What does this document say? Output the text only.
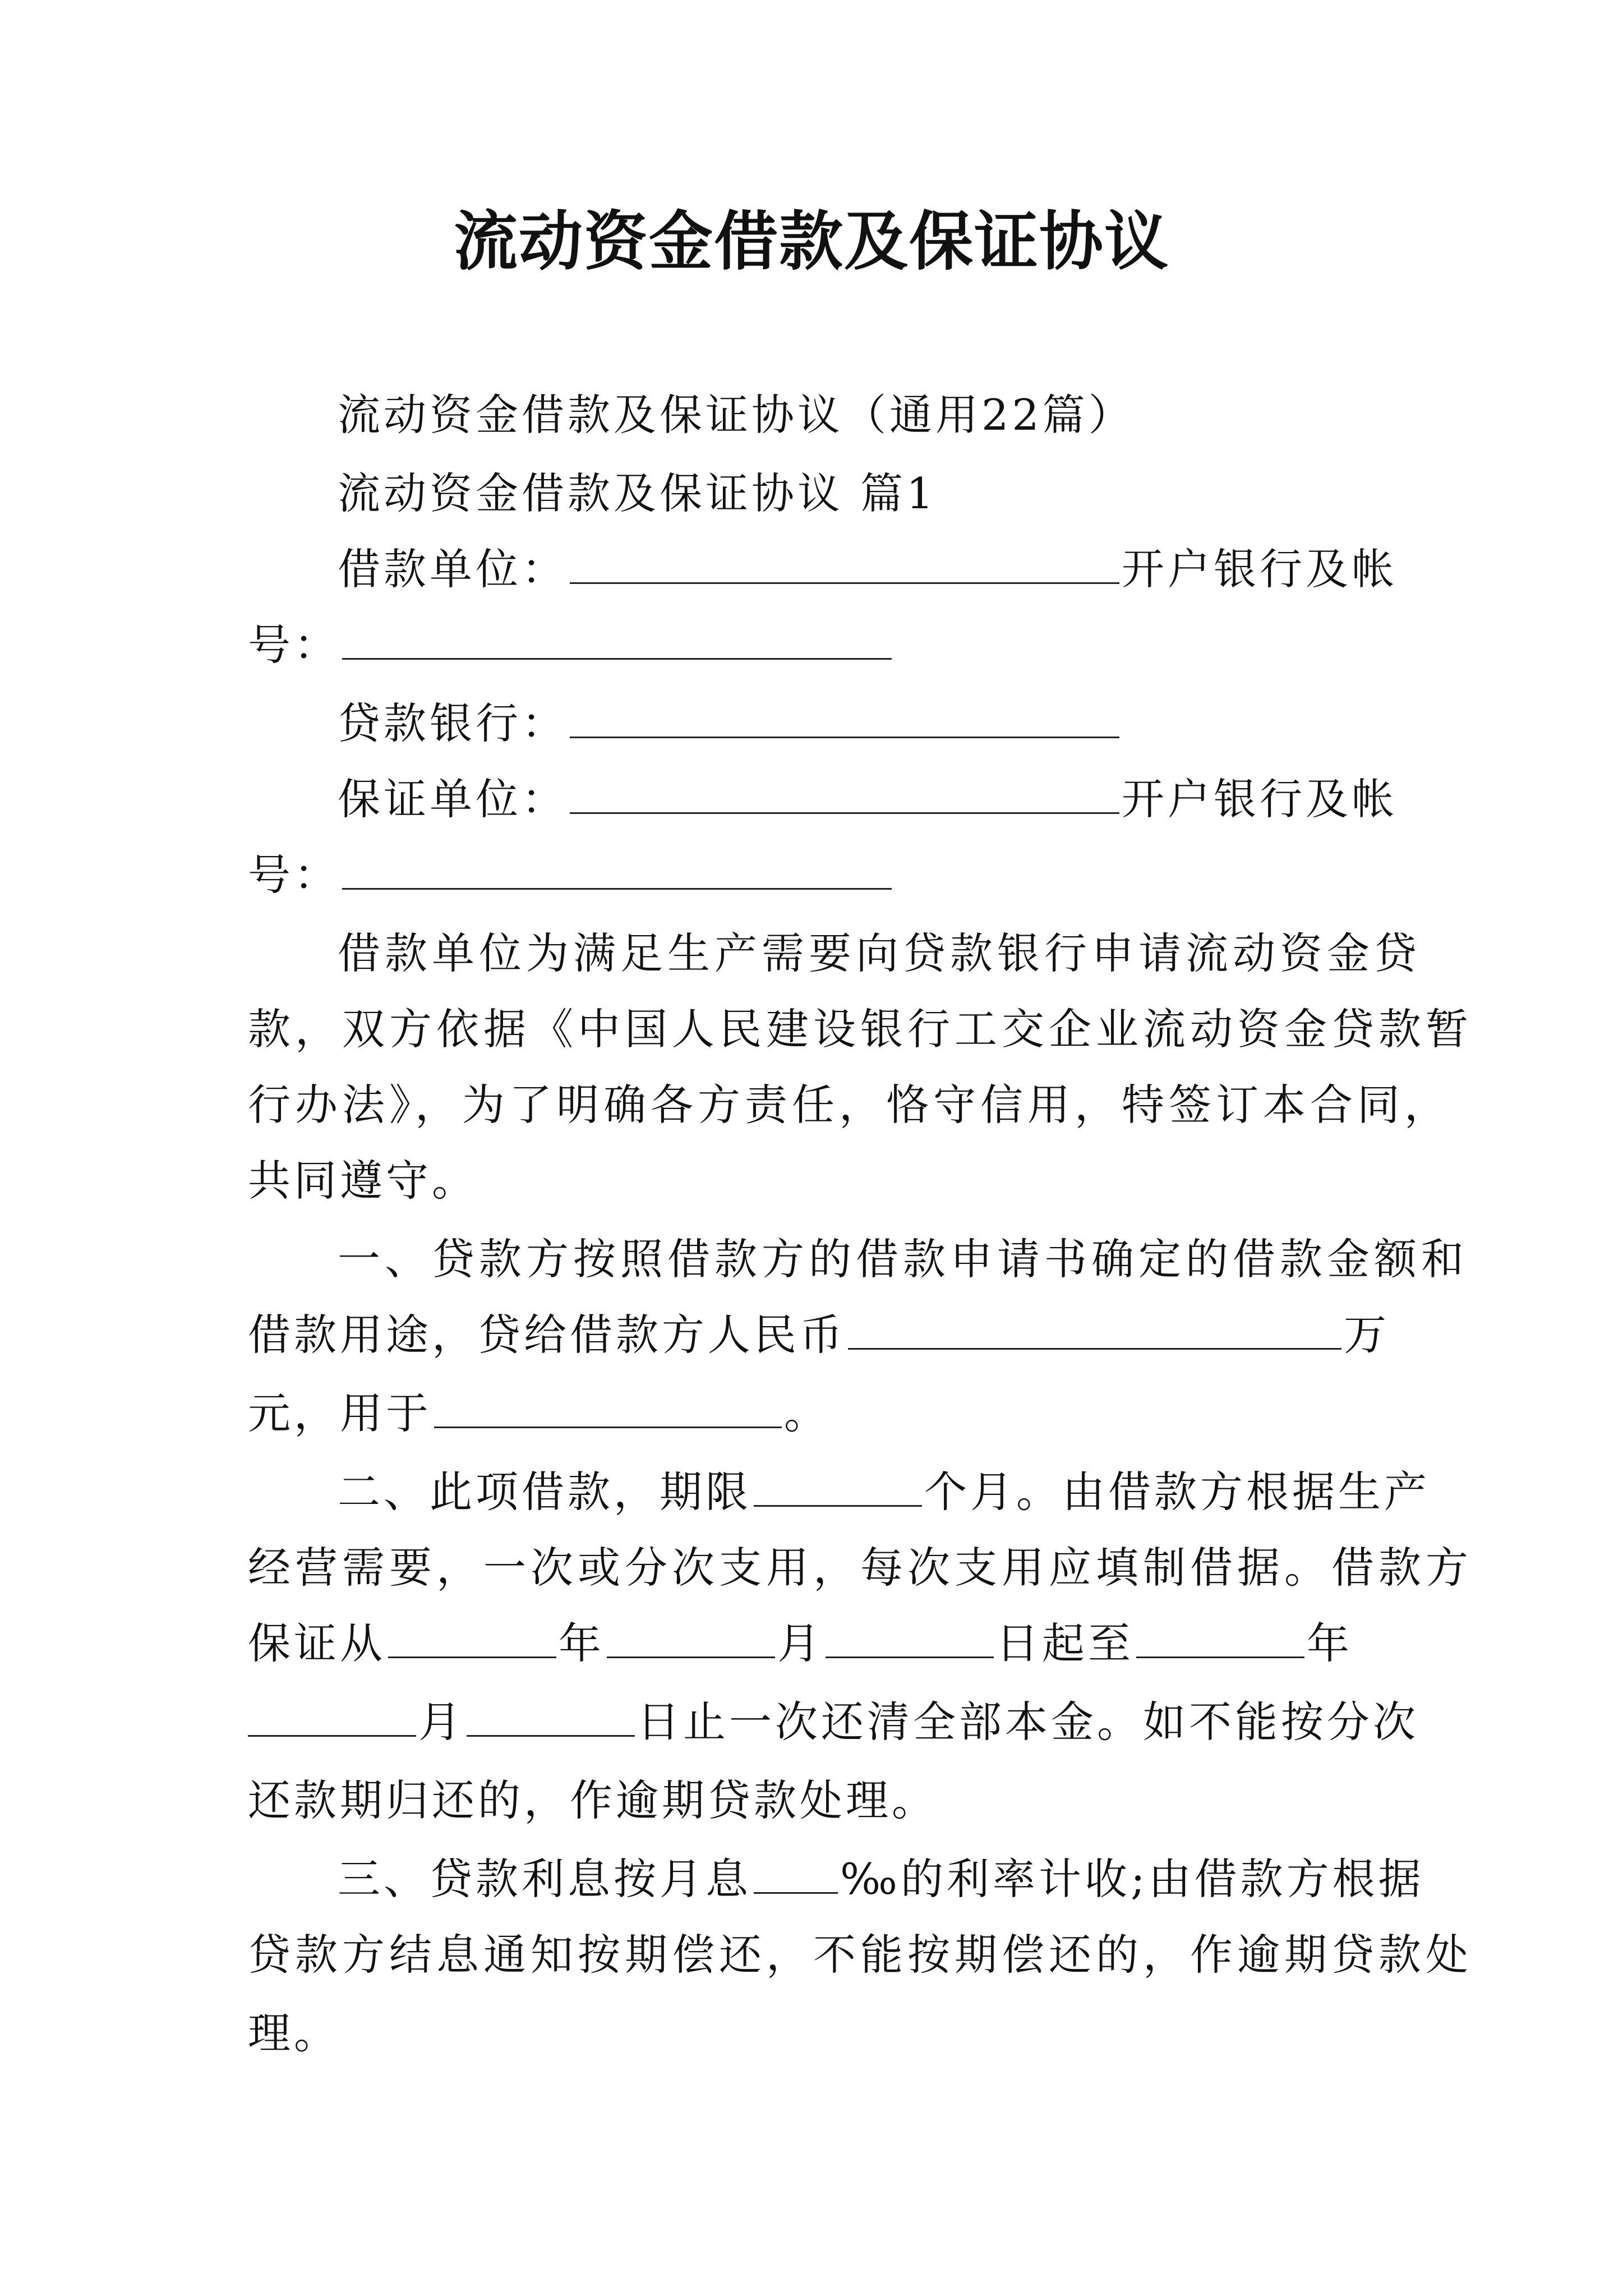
流动资金借款及保证协议
流动资金借款及保证协议（通用22篇）
流动资金借款及保证协议 篇1
借款单位：	开户银行及帐
号：
贷款银行：
保证单位：	开户银行及帐
号：
借款单位为满足生产需要向贷款银行申请流动资金贷
款，双方依据《中国人民建设银行工交企业流动资金贷款暂
行办法》，为了明确各方责任，恪守信用，特签订本合同，
共同遵守。
一、贷款方按照借款方的借款申请书确定的借款金额和
借款用途，贷给借款方人民币	万
元，用于	。
二、此项借款，期限	个月。由借款方根据生产
经营需要，一次或分次支用，每次支用应填制借据。借款方
保证从	年	月	日起至	年
月	日止一次还清全部本金。如不能按分次
还款期归还的，作逾期贷款处理。
三、贷款利息按月息 ‰的利率计收;由借款方根据
贷款方结息通知按期偿还，不能按期偿还的，作逾期贷款处
理。
